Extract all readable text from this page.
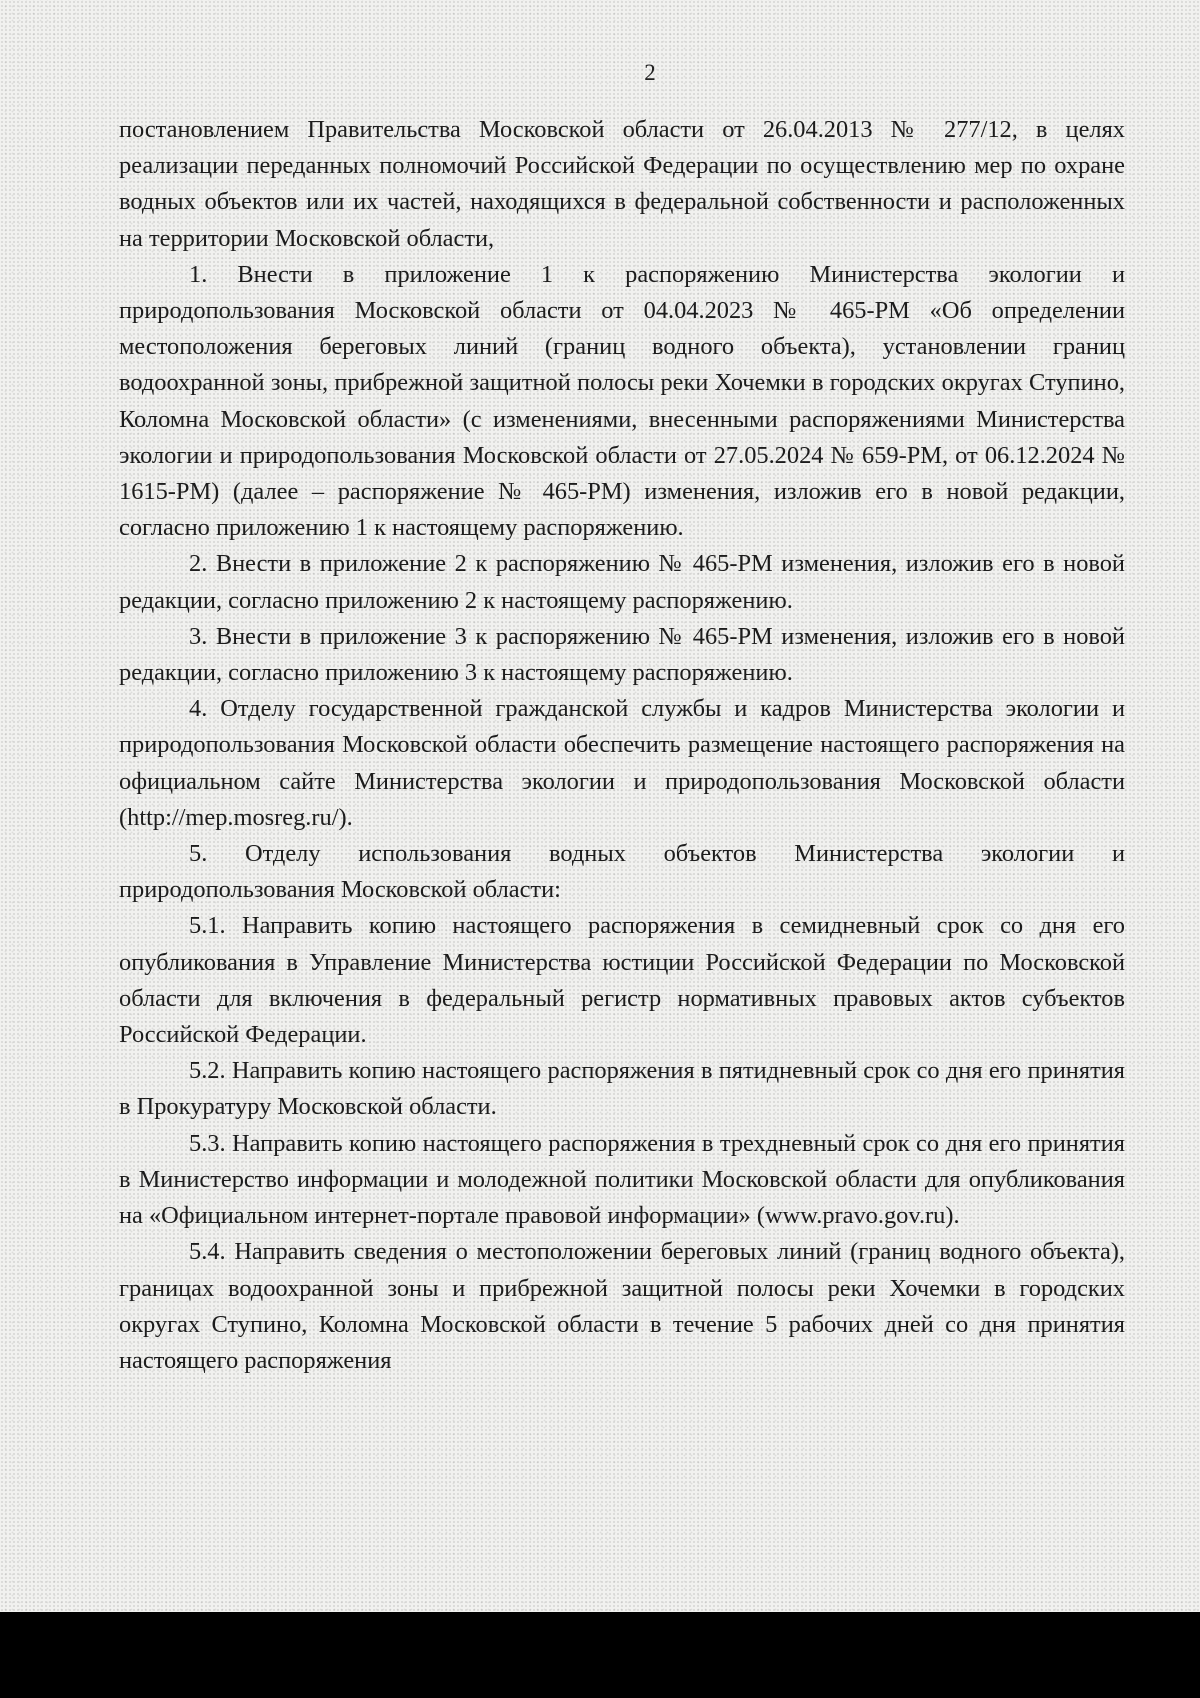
2

постановлением Правительства Московской области от 26.04.2013 № 277/12, в целях реализации переданных полномочий Российской Федерации по осуществлению мер по охране водных объектов или их частей, находящихся в федеральной собственности и расположенных на территории Московской области,

1. Внести в приложение 1 к распоряжению Министерства экологии и природопользования Московской области от 04.04.2023 № 465-РМ «Об определении местоположения береговых линий (границ водного объекта), установлении границ водоохранной зоны, прибрежной защитной полосы реки Хочемки в городских округах Ступино, Коломна Московской области» (с изменениями, внесенными распоряжениями Министерства экологии и природопользования Московской области от 27.05.2024 № 659-РМ, от 06.12.2024 № 1615-РМ) (далее – распоряжение № 465-РМ) изменения, изложив его в новой редакции, согласно приложению 1 к настоящему распоряжению.

2. Внести в приложение 2 к распоряжению № 465-РМ изменения, изложив его в новой редакции, согласно приложению 2 к настоящему распоряжению.

3. Внести в приложение 3 к распоряжению № 465-РМ изменения, изложив его в новой редакции, согласно приложению 3 к настоящему распоряжению.

4. Отделу государственной гражданской службы и кадров Министерства экологии и природопользования Московской области обеспечить размещение настоящего распоряжения на официальном сайте Министерства экологии и природопользования Московской области (http://mep.mosreg.ru/).

5. Отделу использования водных объектов Министерства экологии и природопользования Московской области:

5.1. Направить копию настоящего распоряжения в семидневный срок со дня его опубликования в Управление Министерства юстиции Российской Федерации по Московской области для включения в федеральный регистр нормативных правовых актов субъектов Российской Федерации.

5.2. Направить копию настоящего распоряжения в пятидневный срок со дня его принятия в Прокуратуру Московской области.

5.3. Направить копию настоящего распоряжения в трехдневный срок со дня его принятия в Министерство информации и молодежной политики Московской области для опубликования на «Официальном интернет-портале правовой информации» (www.pravo.gov.ru).

5.4. Направить сведения о местоположении береговых линий (границ водного объекта), границах водоохранной зоны и прибрежной защитной полосы реки Хочемки в городских округах Ступино, Коломна Московской области в течение 5 рабочих дней со дня принятия настоящего распоряжения
